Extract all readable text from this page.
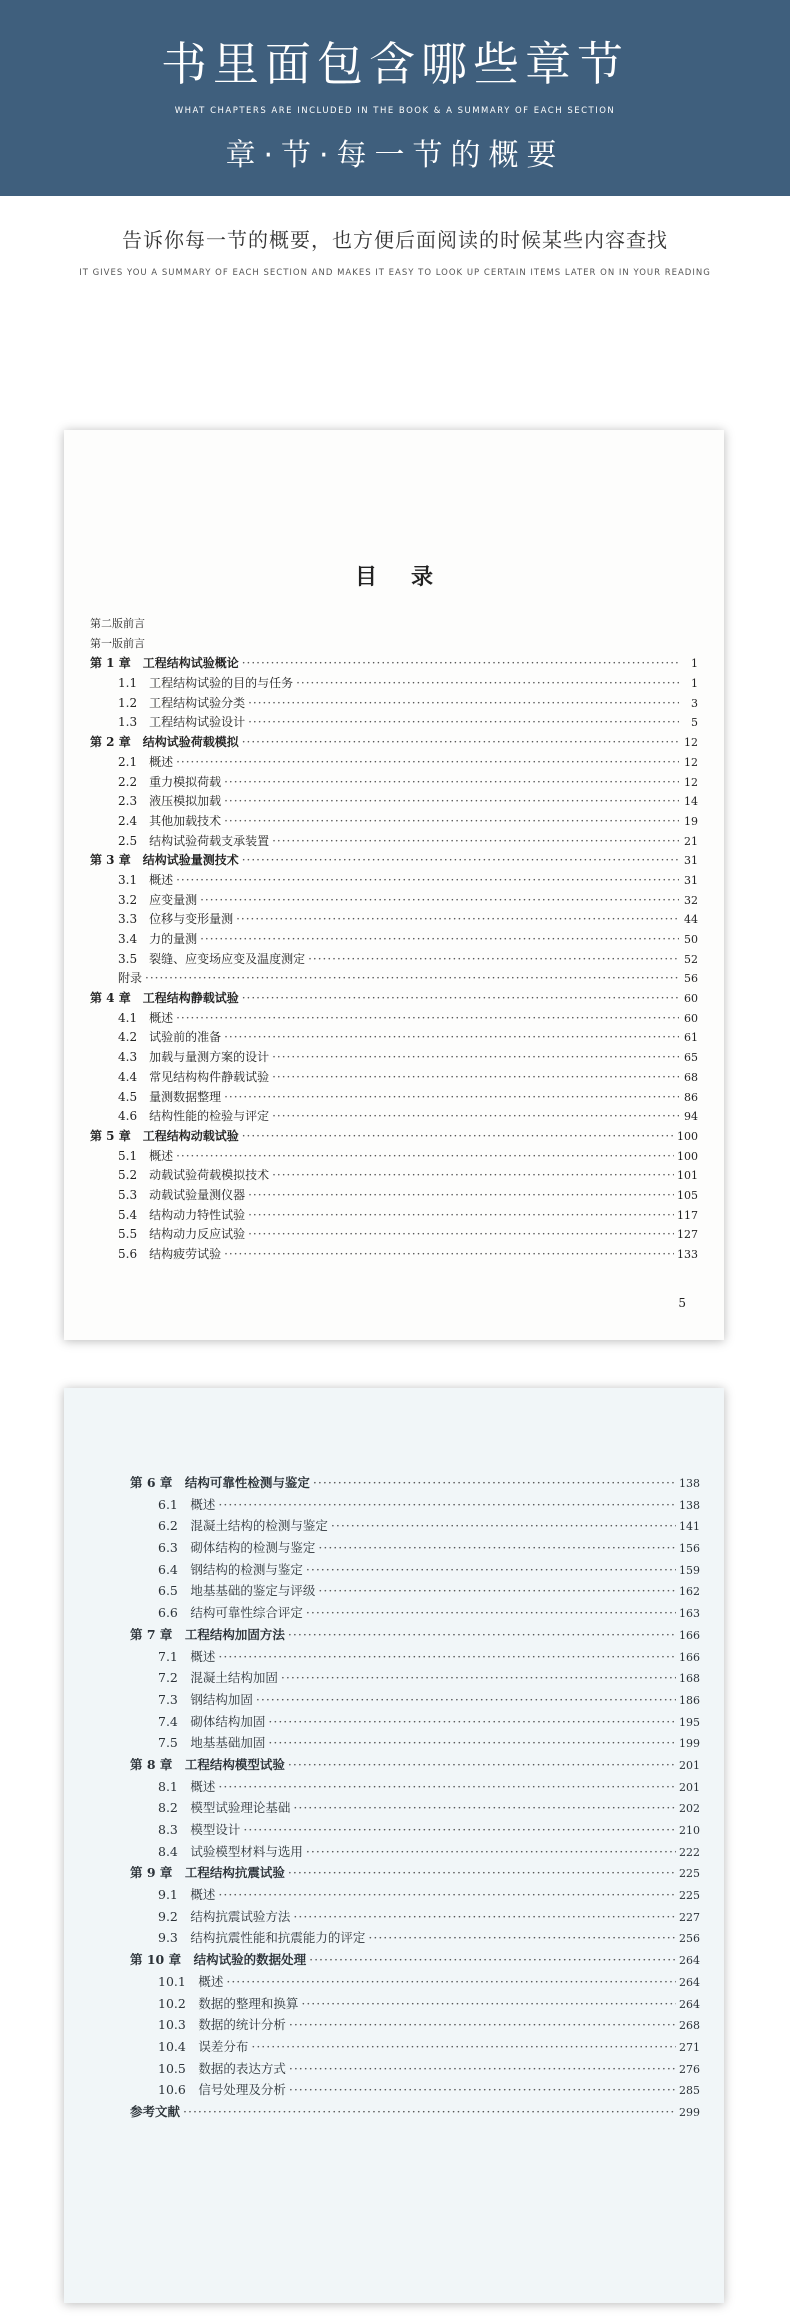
书里面包含哪些章节
WHAT CHAPTERS ARE INCLUDED IN THE BOOK & A SUMMARY OF EACH SECTION
章·节·每一节的概要
告诉你每一节的概要，也方便后面阅读的时候某些内容查找
IT GIVES YOU A SUMMARY OF EACH SECTION AND MAKES IT EASY TO LOOK UP CERTAIN ITEMS LATER ON IN YOUR READING
目录
第二版前言
第一版前言
第 1 章　工程结构试验概论 ·····	1
1.1　工程结构试验的目的与任务 ·····	1
1.2　工程结构试验分类 ·····	3
1.3　工程结构试验设计 ·····	5
第 2 章　结构试验荷载模拟 ·····	12
2.1　概述 ·····	12
2.2　重力模拟荷载 ·····	12
2.3　液压模拟加载 ·····	14
2.4　其他加载技术 ·····	19
2.5　结构试验荷载支承装置 ·····	21
第 3 章　结构试验量测技术 ·····	31
3.1　概述 ·····	31
3.2　应变量测 ·····	32
3.3　位移与变形量测 ·····	44
3.4　力的量测 ·····	50
3.5　裂缝、应变场应变及温度测定 ·····	52
附录 ·····	56
第 4 章　工程结构静载试验 ·····	60
4.1　概述 ·····	60
4.2　试验前的准备 ·····	61
4.3　加载与量测方案的设计 ·····	65
4.4　常见结构构件静载试验 ·····	68
4.5　量测数据整理 ·····	86
4.6　结构性能的检验与评定 ·····	94
第 5 章　工程结构动载试验 ·····	100
5.1　概述 ·····	100
5.2　动载试验荷载模拟技术 ·····	101
5.3　动载试验量测仪器 ·····	105
5.4　结构动力特性试验 ·····	117
5.5　结构动力反应试验 ·····	127
5.6　结构疲劳试验 ·····	133
5
第 6 章　结构可靠性检测与鉴定 ·····	138
6.1　概述 ·····	138
6.2　混凝土结构的检测与鉴定 ·····	141
6.3　砌体结构的检测与鉴定 ·····	156
6.4　钢结构的检测与鉴定 ·····	159
6.5　地基基础的鉴定与评级 ·····	162
6.6　结构可靠性综合评定 ·····	163
第 7 章　工程结构加固方法 ·····	166
7.1　概述 ·····	166
7.2　混凝土结构加固 ·····	168
7.3　钢结构加固 ·····	186
7.4　砌体结构加固 ·····	195
7.5　地基基础加固 ·····	199
第 8 章　工程结构模型试验 ·····	201
8.1　概述 ·····	201
8.2　模型试验理论基础 ·····	202
8.3　模型设计 ·····	210
8.4　试验模型材料与选用 ·····	222
第 9 章　工程结构抗震试验 ·····	225
9.1　概述 ·····	225
9.2　结构抗震试验方法 ·····	227
9.3　结构抗震性能和抗震能力的评定 ·····	256
第 10 章　结构试验的数据处理 ·····	264
10.1　概述 ·····	264
10.2　数据的整理和换算 ·····	264
10.3　数据的统计分析 ·····	268
10.4　误差分布 ·····	271
10.5　数据的表达方式 ·····	276
10.6　信号处理及分析 ·····	285
参考文献 ·····	299
